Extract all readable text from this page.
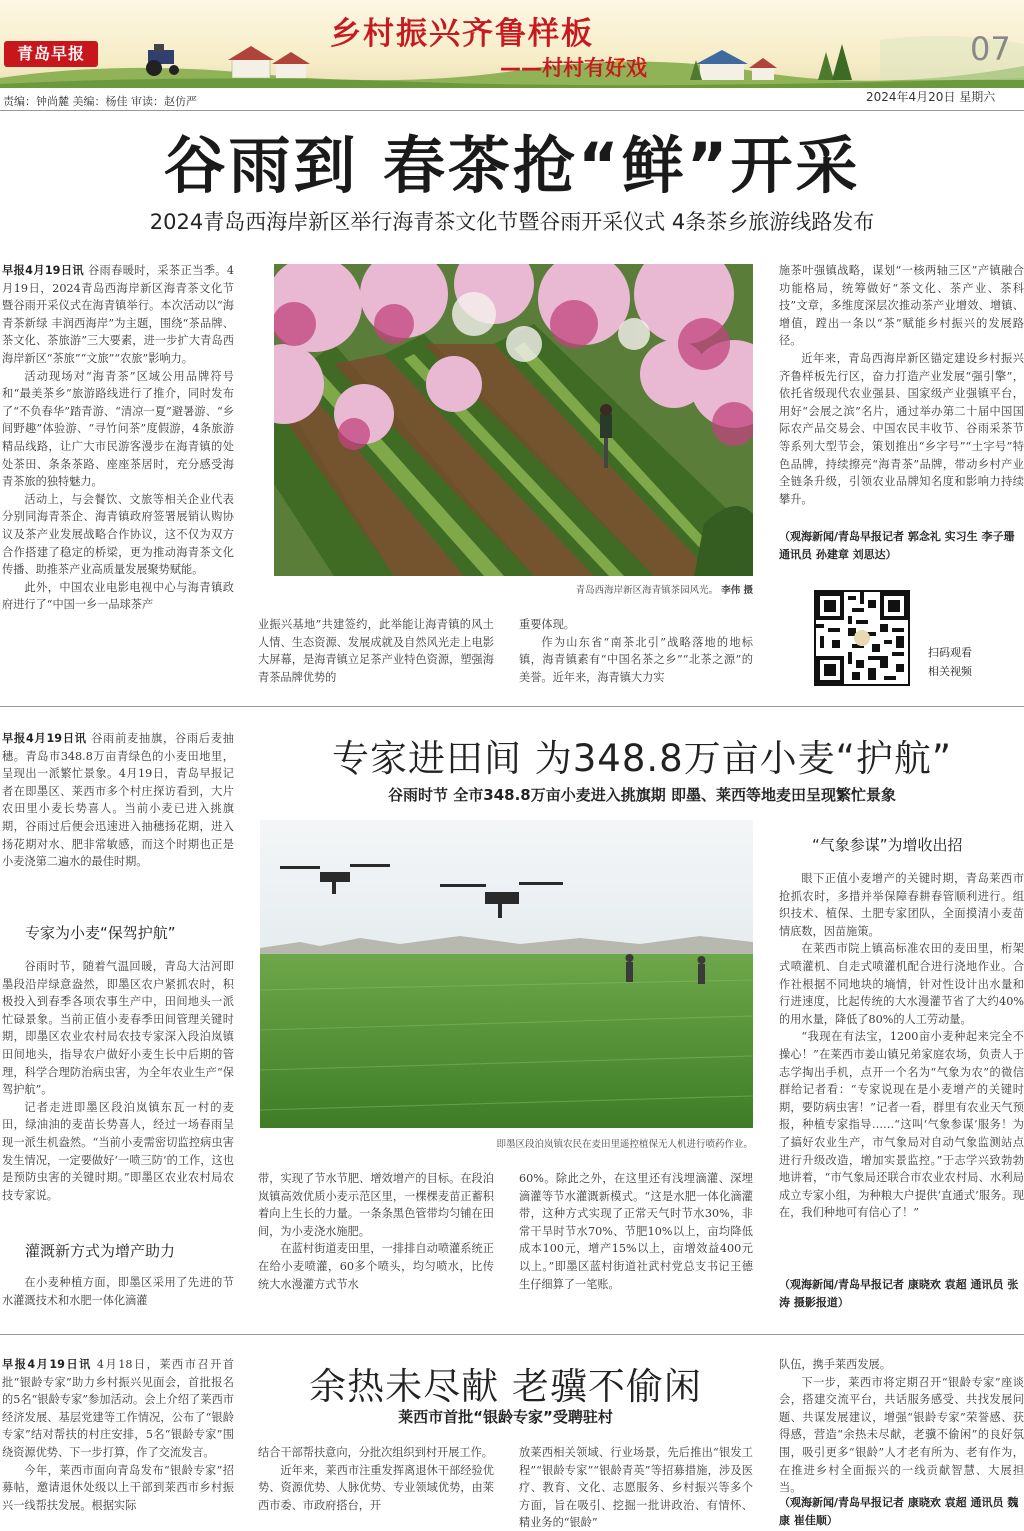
青岛早报
乡村振兴齐鲁样板
——村村有好戏	07
责编：钟尚麓 美编：杨佳 审读：赵仿严	2024年4月20日 星期六
谷雨到 春茶抢“鲜”开采
2024青岛西海岸新区举行海青茶文化节暨谷雨开采仪式 4条茶乡旅游线路发布

早报4月19日讯 谷雨春暖时，采茶正当季。4月19日，2024青岛西海岸新区海青茶文化节暨谷雨开采仪式在海青镇举行。本次活动以“海青茶新绿 丰润西海岸”为主题，围绕“茶品牌、茶文化、茶旅游”三大要素，进一步扩大青岛西海岸新区“茶旅”“文旅”“农旅”影响力。

活动现场对“海青茶”区域公用品牌符号和“最美茶乡”旅游路线进行了推介，同时发布了“不负春华”踏青游、“清凉一夏”避暑游、“乡间野趣”体验游、“寻竹问茶”度假游，4条旅游精品线路，让广大市民游客漫步在海青镇的处处茶田、条条茶路、座座茶居时，充分感受海青茶旅的独特魅力。

活动上，与会餐饮、文旅等相关企业代表分别同海青茶企、海青镇政府签署展销认购协议及茶产业发展战略合作协议，这不仅为双方合作搭建了稳定的桥梁，更为推动海青茶文化传播、助推茶产业高质量发展聚势赋能。

此外，中国农业电影电视中心与海青镇政府进行了“中国一乡一品球茶产

青岛西海岸新区海青镇茶园风光。 李伟 摄

业振兴基地”共建签约，此举能让海青镇的风土人情、生态资源、发展成就及自然风光走上电影大屏幕，是海青镇立足茶产业特色资源，塑强海青茶品牌优势的

重要体现。

作为山东省“南茶北引”战略落地的地标镇，海青镇素有“中国名茶之乡”“北茶之源”的美誉。近年来，海青镇大力实

施茶叶强镇战略，谋划“一核两轴三区”产镇融合功能格局，统筹做好“茶文化、茶产业、茶科技”文章，多维度深层次推动茶产业增效、增镇、增值，蹚出一条以“茶”赋能乡村振兴的发展路径。

近年来，青岛西海岸新区锚定建设乡村振兴齐鲁样板先行区，奋力打造产业发展“强引擎”，依托省级现代农业强县、国家级产业强镇平台，用好“会展之滨”名片，通过举办第二十届中国国际农产品交易会、中国农民丰收节、谷雨采茶节等系列大型节会，策划推出“乡字号”“土字号”特色品牌，持续擦亮“海青茶”品牌，带动乡村产业全链条升级，引领农业品牌知名度和影响力持续攀升。

（观海新闻/青岛早报记者 郭念礼 实习生 李子珊 通讯员 孙建章 刘思达）
扫码观看
相关视频

早报4月19日讯 谷雨前麦抽旗，谷雨后麦抽穗。青岛市348.8万亩青绿色的小麦田地里，呈现出一派繁忙景象。4月19日，青岛早报记者在即墨区、莱西市多个村庄探访看到，大片农田里小麦长势喜人。当前小麦已进入挑旗期，谷雨过后便会迅速进入抽穗扬花期，进入扬花期对水、肥非常敏感，而这个时期也正是小麦浇第二遍水的最佳时期。

专家为小麦“保驾护航”

谷雨时节，随着气温回暖，青岛大沽河即墨段沿岸绿意盎然，即墨区农户紧抓农时，积极投入到春季各项农事生产中，田间地头一派忙碌景象。当前正值小麦春季田间管理关键时期，即墨区农业农村局农技专家深入段泊岚镇田间地头，指导农户做好小麦生长中后期的管理，科学合理防治病虫害，为全年农业生产“保驾护航”。

记者走进即墨区段泊岚镇东瓦一村的麦田，绿油油的麦苗长势喜人，经过一场春雨呈现一派生机盎然。“当前小麦需密切监控病虫害发生情况，一定要做好‘一喷三防’的工作，这也是预防虫害的关键时期。”即墨区农业农村局农技专家说。

灌溉新方式为增产助力

在小麦种植方面，即墨区采用了先进的节水灌溉技术和水肥一体化滴灌

专家进田间 为348.8万亩小麦“护航”
谷雨时节 全市348.8万亩小麦进入挑旗期 即墨、莱西等地麦田呈现繁忙景象
即墨区段泊岚镇农民在麦田里遥控植保无人机进行喷药作业。

带，实现了节水节肥、增效增产的目标。在段泊岚镇高效优质小麦示范区里，一棵棵麦苗正蓄积着向上生长的力量。一条条黑色管带均匀铺在田间，为小麦浇水施肥。

在蓝村街道麦田里，一排排自动喷灌系统正在给小麦喷灌，60多个喷头，均匀喷水，比传统大水漫灌方式节水

60%。除此之外，在这里还有浅埋滴灌、深埋滴灌等节水灌溉新模式。“这是水肥一体化滴灌带，这种方式实现了正常天气时节水30%，非常干旱时节水70%、节肥10%以上，亩均降低成本100元，增产15%以上，亩增效益400元以上。”即墨区蓝村街道社武村党总支书记王德生仔细算了一笔账。

“气象参谋”为增收出招

眼下正值小麦增产的关键时期，青岛莱西市抢抓农时，多措并举保障春耕春管顺利进行。组织技术、植保、土肥专家团队，全面摸清小麦苗情底数，因苗施策。

在莱西市院上镇高标准农田的麦田里，桁架式喷灌机、自走式喷灌机配合进行浇地作业。合作社根据不同地块的墒情，针对性设计出水量和行进速度，比起传统的大水漫灌节省了大约40%的用水量，降低了80%的人工劳动量。

“我现在有法宝，1200亩小麦种起来完全不操心！”在莱西市姜山镇兄弟家庭农场，负责人于志学掏出手机，点开一个名为“气象为农”的微信群给记者看：“专家说现在是小麦增产的关键时期，要防病虫害！”记者一看，群里有农业天气预报，种植专家指导……“这叫‘气象参谋’服务！为了搞好农业生产，市气象局对自动气象监测站点进行升级改造，增加实景监控。”于志学兴致勃勃地讲着，“市气象局还联合市农业农村局、水利局成立专家小组，为种粮大户提供‘直通式’服务。现在，我们种地可有信心了！”

（观海新闻/青岛早报记者 康晓欢 袁超 通讯员 张涛 摄影报道）

早报4月19日讯 4月18日，莱西市召开首批“银龄专家”助力乡村振兴见面会，首批报名的5名“银龄专家”参加活动。会上介绍了莱西市经济发展、基层党建等工作情况，公布了“银龄专家”结对帮扶的村庄安排，5名“银龄专家”围绕资源优势、下一步打算，作了交流发言。

今年，莱西市面向青岛发布“银龄专家”招募帖，邀请退休处级以上干部到莱西市乡村振兴一线帮扶发展。根据实际

余热未尽献 老骥不偷闲
莱西市首批“银龄专家”受聘驻村

结合干部帮扶意向，分批次组织到村开展工作。

近年来，莱西市注重发挥离退休干部经验优势、资源优势、人脉优势、专业领域优势，由莱西市委、市政府搭台，开

放莱西相关领域、行业场景，先后推出“银发工程”“银龄专家”“银龄青英”等招募措施，涉及医疗、教育、文化、志愿服务、乡村振兴等多个方面，旨在吸引、挖掘一批讲政治、有情怀、精业务的“银龄”

队伍，携手莱西发展。

下一步，莱西市将定期召开“银龄专家”座谈会，搭建交流平台，共话服务感受、共找发展问题、共谋发展建议，增强“银龄专家”荣誉感、获得感，营造“余热未尽献，老骥不偷闲”的良好氛围，吸引更多“银龄”人才老有所为、老有作为，在推进乡村全面振兴的一线贡献智慧、大展担当。

（观海新闻/青岛早报记者 康晓欢 袁超 通讯员 魏康 崔佳顺）
